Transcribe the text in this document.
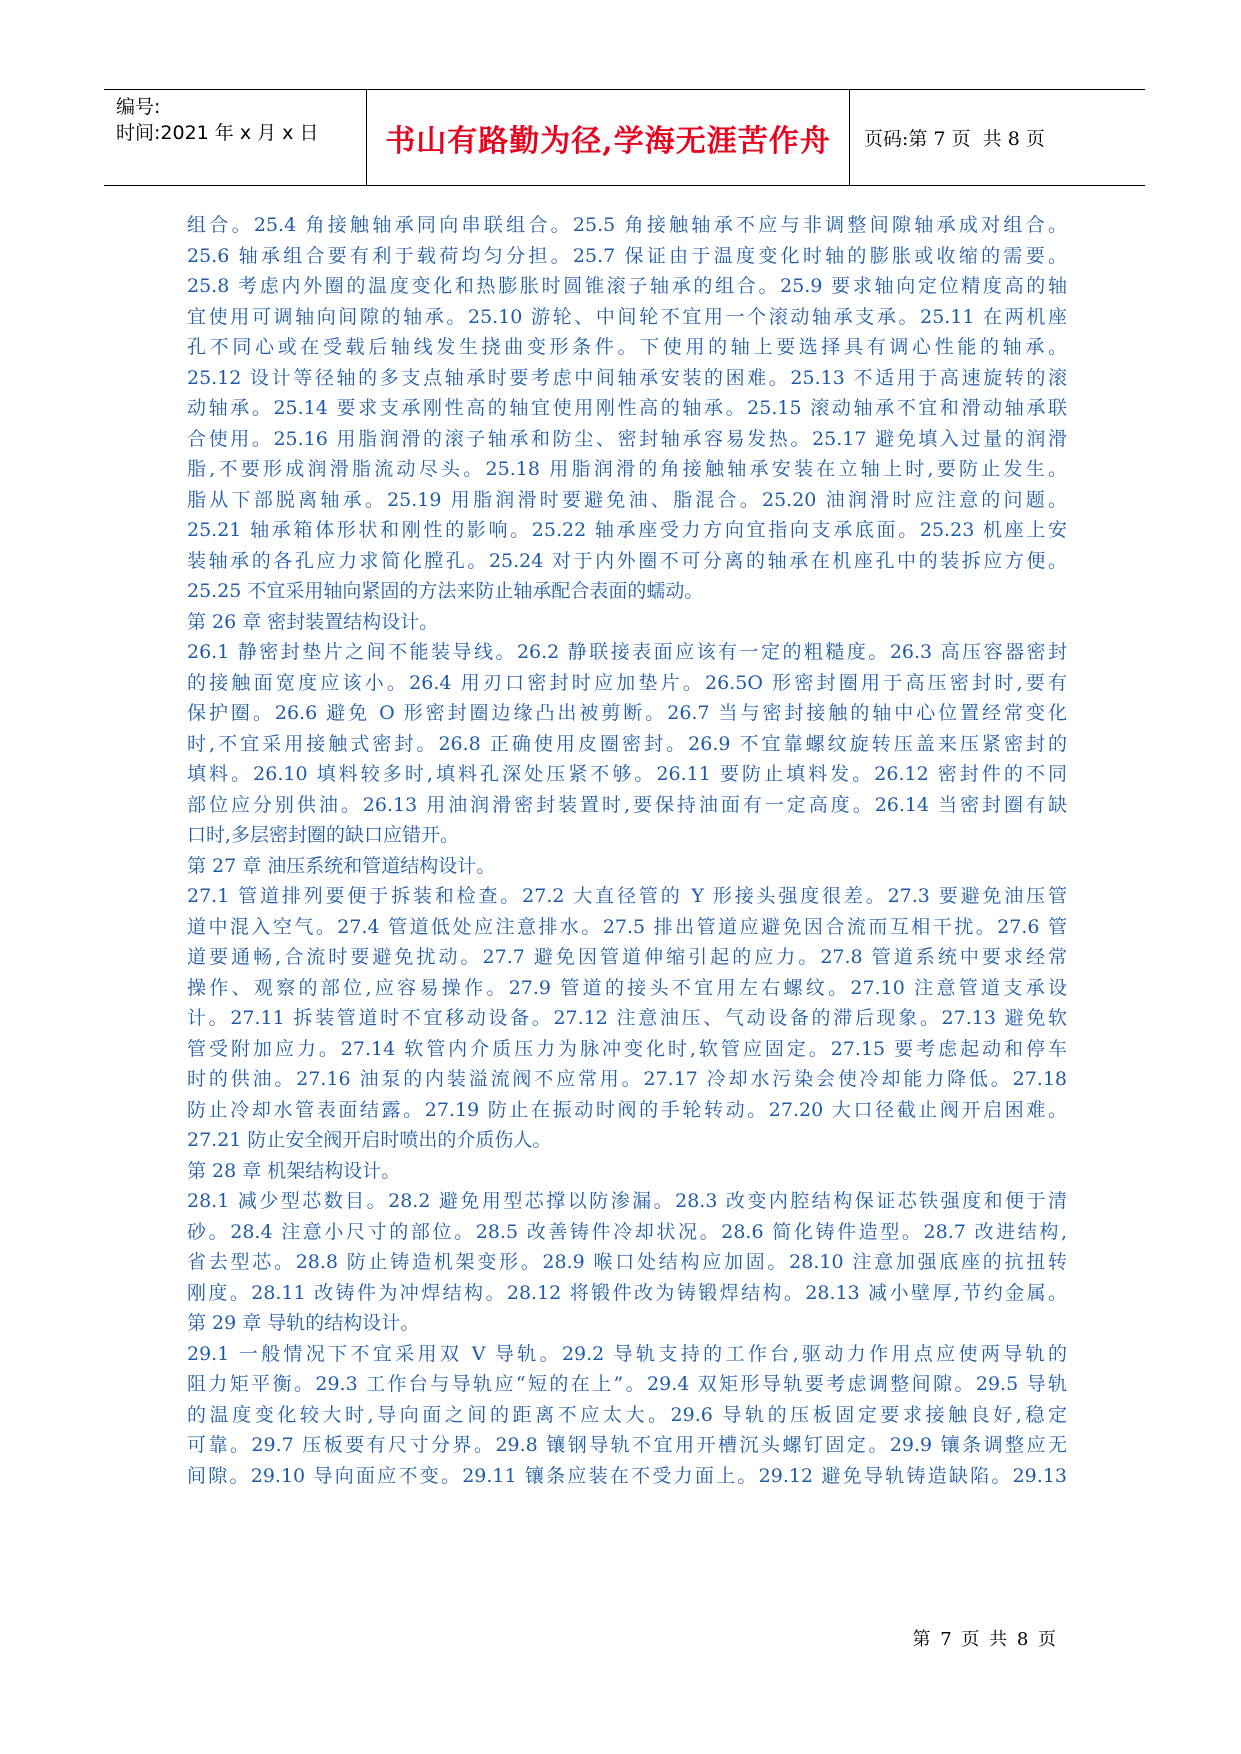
编号:
时间:2021 年 x 月 x 日	书山有路勤为径,学海无涯苦作舟	页码:第 7 页  共 8 页
组合。25.4 角接触轴承同向串联组合。25.5 角接触轴承不应与非调整间隙轴承成对组合。
25.6 轴承组合要有利于载荷均匀分担。25.7 保证由于温度变化时轴的膨胀或收缩的需要。
25.8 考虑内外圈的温度变化和热膨胀时圆锥滚子轴承的组合。25.9 要求轴向定位精度高的轴
宜使用可调轴向间隙的轴承。25.10 游轮、中间轮不宜用一个滚动轴承支承。25.11 在两机座
孔不同心或在受载后轴线发生挠曲变形条件。下使用的轴上要选择具有调心性能的轴承。
25.12 设计等径轴的多支点轴承时要考虑中间轴承安装的困难。25.13 不适用于高速旋转的滚
动轴承。25.14 要求支承刚性高的轴宜使用刚性高的轴承。25.15 滚动轴承不宜和滑动轴承联
合使用。25.16 用脂润滑的滚子轴承和防尘、密封轴承容易发热。25.17 避免填入过量的润滑
脂,不要形成润滑脂流动尽头。25.18 用脂润滑的角接触轴承安装在立轴上时,要防止发生。
脂从下部脱离轴承。25.19 用脂润滑时要避免油、脂混合。25.20 油润滑时应注意的问题。
25.21 轴承箱体形状和刚性的影响。25.22 轴承座受力方向宜指向支承底面。25.23 机座上安
装轴承的各孔应力求简化膛孔。25.24 对于内外圈不可分离的轴承在机座孔中的装拆应方便。
25.25 不宜采用轴向紧固的方法来防止轴承配合表面的蠕动。
第 26 章 密封装置结构设计。
26.1 静密封垫片之间不能装导线。26.2 静联接表面应该有一定的粗糙度。26.3 高压容器密封
的接触面宽度应该小。26.4 用刃口密封时应加垫片。26.5O 形密封圈用于高压密封时,要有
保护圈。26.6 避免 O 形密封圈边缘凸出被剪断。26.7 当与密封接触的轴中心位置经常变化
时,不宜采用接触式密封。26.8 正确使用皮圈密封。26.9 不宜靠螺纹旋转压盖来压紧密封的
填料。26.10 填料较多时,填料孔深处压紧不够。26.11 要防止填料发。26.12 密封件的不同
部位应分别供油。26.13 用油润滑密封装置时,要保持油面有一定高度。26.14 当密封圈有缺
口时,多层密封圈的缺口应错开。
第 27 章 油压系统和管道结构设计。
27.1 管道排列要便于拆装和检查。27.2 大直径管的 Y 形接头强度很差。27.3 要避免油压管
道中混入空气。27.4 管道低处应注意排水。27.5 排出管道应避免因合流而互相干扰。27.6 管
道要通畅,合流时要避免扰动。27.7 避免因管道伸缩引起的应力。27.8 管道系统中要求经常
操作、观察的部位,应容易操作。27.9 管道的接头不宜用左右螺纹。27.10 注意管道支承设
计。27.11 拆装管道时不宜移动设备。27.12 注意油压、气动设备的滞后现象。27.13 避免软
管受附加应力。27.14 软管内介质压力为脉冲变化时,软管应固定。27.15 要考虑起动和停车
时的供油。27.16 油泵的内装溢流阀不应常用。27.17 冷却水污染会使冷却能力降低。27.18
防止冷却水管表面结露。27.19 防止在振动时阀的手轮转动。27.20 大口径截止阀开启困难。
27.21 防止安全阀开启时喷出的介质伤人。
第 28 章 机架结构设计。
28.1 减少型芯数目。28.2 避免用型芯撑以防渗漏。28.3 改变内腔结构保证芯铁强度和便于清
砂。28.4 注意小尺寸的部位。28.5 改善铸件冷却状况。28.6 简化铸件造型。28.7 改进结构,
省去型芯。28.8 防止铸造机架变形。28.9 喉口处结构应加固。28.10 注意加强底座的抗扭转
刚度。28.11 改铸件为冲焊结构。28.12 将锻件改为铸锻焊结构。28.13 减小壁厚,节约金属。
第 29 章 导轨的结构设计。
29.1 一般情况下不宜采用双 V 导轨。29.2 导轨支持的工作台,驱动力作用点应使两导轨的
阻力矩平衡。29.3 工作台与导轨应“短的在上”。29.4 双矩形导轨要考虑调整间隙。29.5 导轨
的温度变化较大时,导向面之间的距离不应太大。29.6 导轨的压板固定要求接触良好,稳定
可靠。29.7 压板要有尺寸分界。29.8 镶钢导轨不宜用开槽沉头螺钉固定。29.9 镶条调整应无
间隙。29.10 导向面应不变。29.11 镶条应装在不受力面上。29.12 避免导轨铸造缺陷。29.13
第 7 页 共 8 页
